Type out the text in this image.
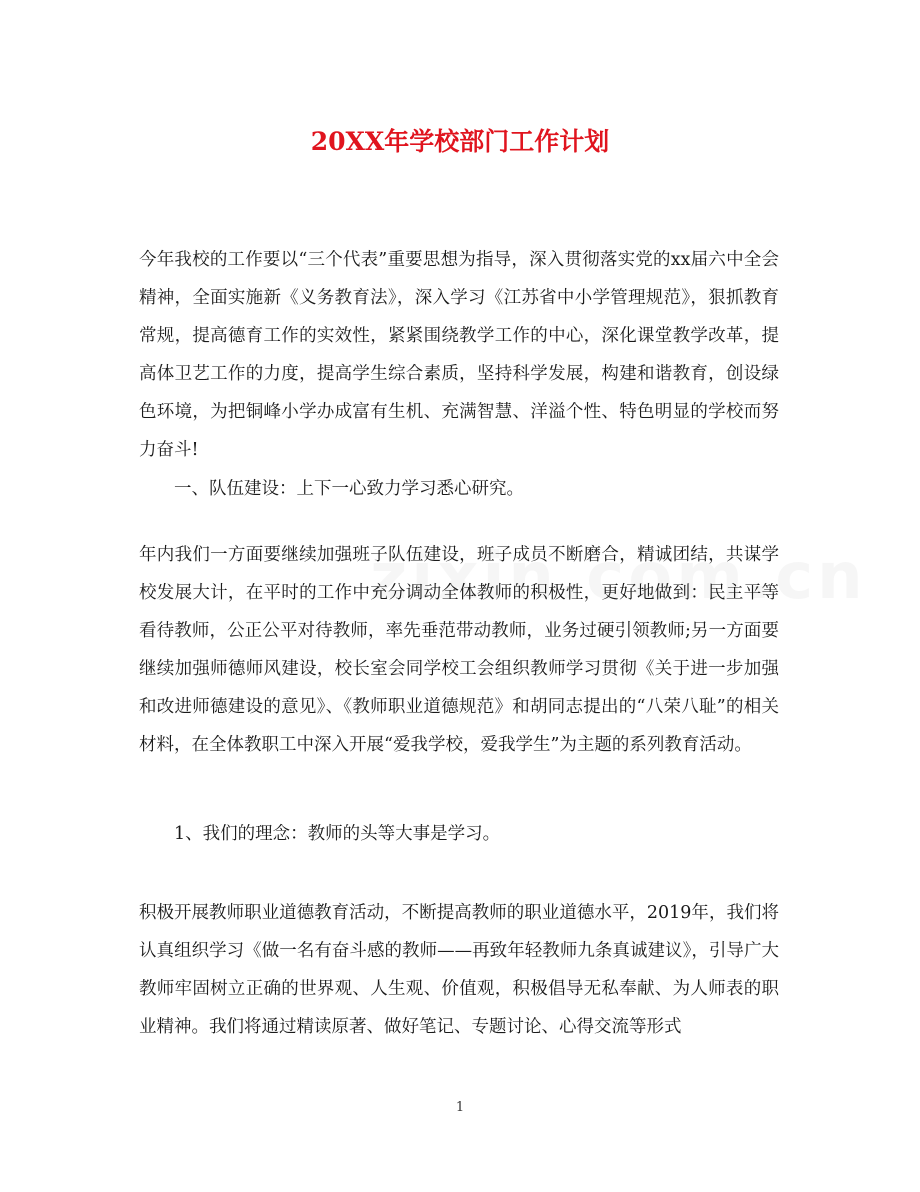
20XX年学校部门工作计划

今年我校的工作要以“三个代表”重要思想为指导，深入贯彻落实党的xx届六中全会精神，全面实施新《义务教育法》，深入学习《江苏省中小学管理规范》，狠抓教育常规，提高德育工作的实效性，紧紧围绕教学工作的中心，深化课堂教学改革，提高体卫艺工作的力度，提高学生综合素质，坚持科学发展，构建和谐教育，创设绿色环境，为把铜峰小学办成富有生机、充满智慧、洋溢个性、特色明显的学校而努力奋斗!

一、队伍建设：上下一心致力学习悉心研究。

年内我们一方面要继续加强班子队伍建设，班子成员不断磨合，精诚团结，共谋学校发展大计，在平时的工作中充分调动全体教师的积极性，更好地做到：民主平等看待教师，公正公平对待教师，率先垂范带动教师，业务过硬引领教师;另一方面要继续加强师德师风建设，校长室会同学校工会组织教师学习贯彻《关于进一步加强和改进师德建设的意见》、《教师职业道德规范》和胡同志提出的“八荣八耻”的相关材料，在全体教职工中深入开展“爱我学校，爱我学生”为主题的系列教育活动。

1、我们的理念：教师的头等大事是学习。

积极开展教师职业道德教育活动，不断提高教师的职业道德水平，2019年，我们将认真组织学习《做一名有奋斗感的教师——再致年轻教师九条真诚建议》，引导广大教师牢固树立正确的世界观、人生观、价值观，积极倡导无私奉献、为人师表的职业精神。我们将通过精读原著、做好笔记、专题讨论、心得交流等形式

1
